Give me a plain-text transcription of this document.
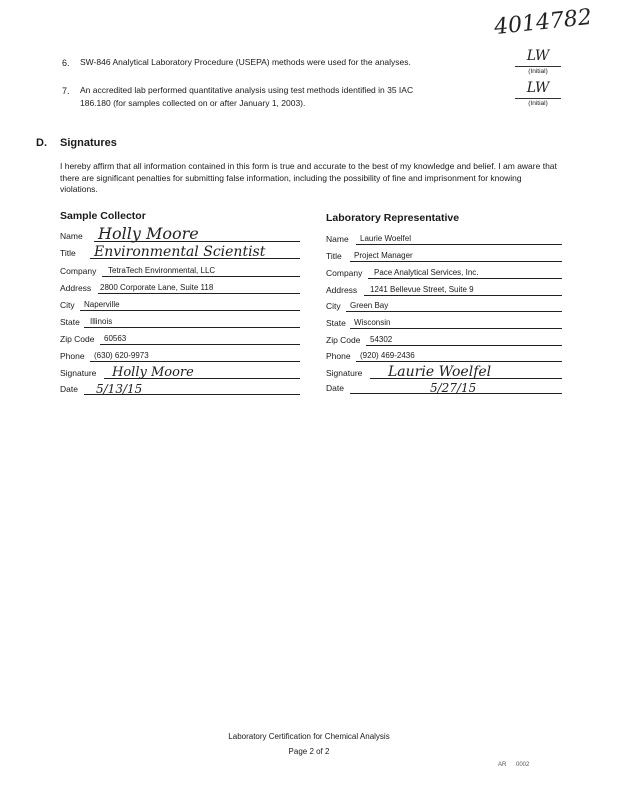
4014782
6. SW-846 Analytical Laboratory Procedure (USEPA) methods were used for the analyses.	LW
(Initial)
7. An accredited lab performed quantitative analysis using test methods identified in 35 IAC
186.180 (for samples collected on or after January 1, 2003).
LW
(Initial)
D. Signatures
I hereby affirm that all information contained in this form is true and accurate to the best of my knowledge and belief. I am aware that there are significant penalties for submitting false information, including the possibility of fine and imprisonment for knowing violations.
Sample Collector	Laboratory Representative
Name Holly Moore
Title Environmental Scientist
Company TetraTech Environmental, LLC
Address 2800 Corporate Lane, Suite 118
City Naperville
State Illinois
Zip Code 60563
Phone (630) 620-9973
Signature Holly Moore
Date 5/13/15
Name Laurie Woelfel
Title Project Manager
Company Pace Analytical Services, Inc.
Address 1241 Bellevue Street, Suite 9
City Green Bay
State Wisconsin
Zip Code 54302
Phone (920) 469-2436
Signature Laurie Woelfel
Date	5/27/15
Laboratory Certification for Chemical Analysis
Page 2 of 2
AR 0002
